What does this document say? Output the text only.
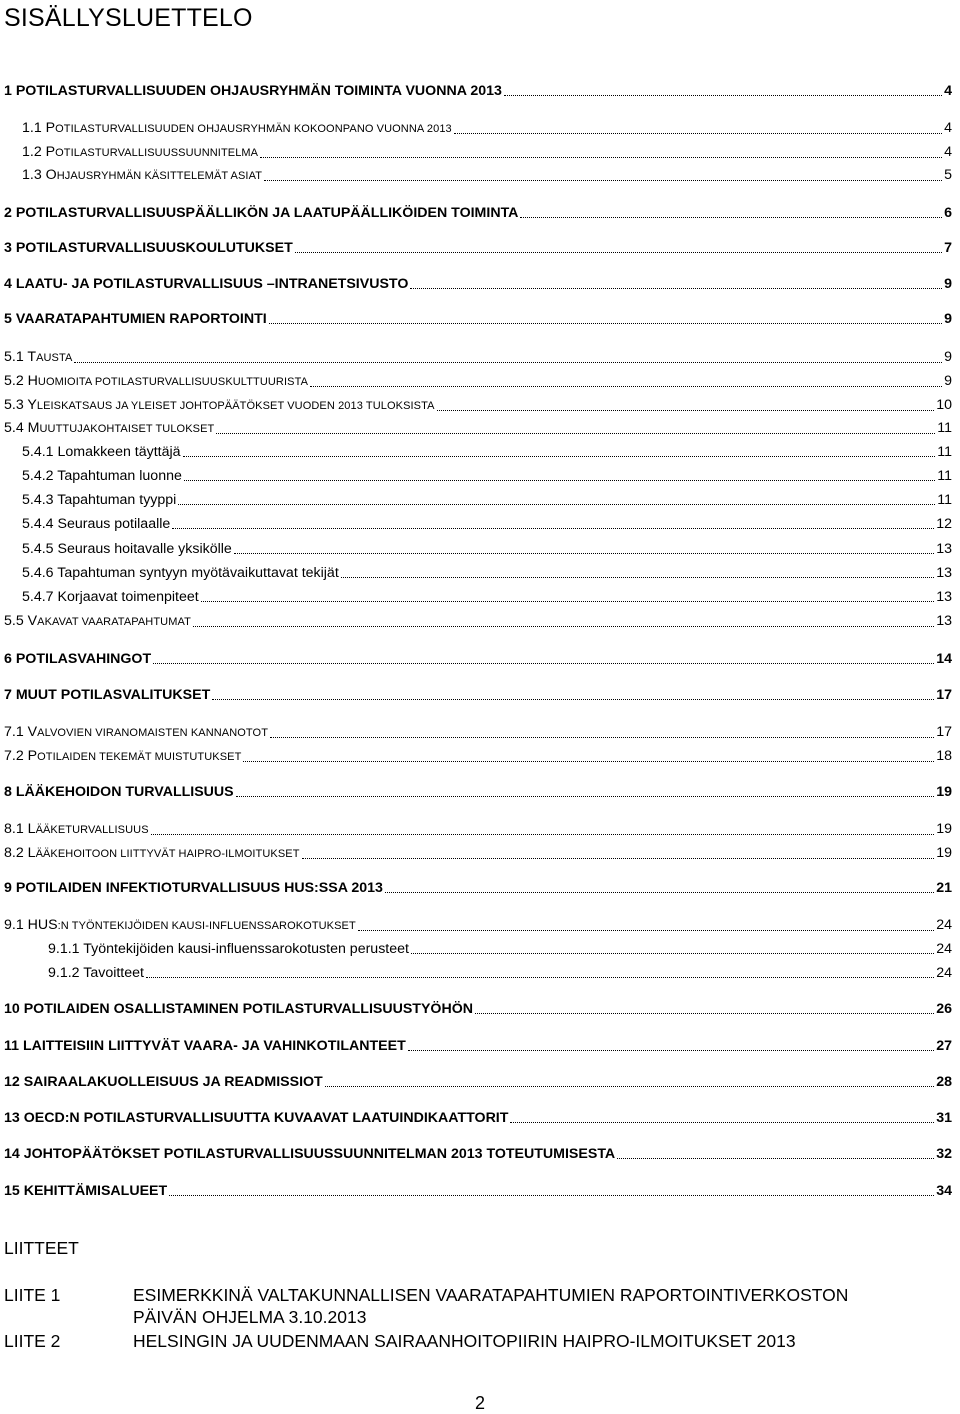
SISÄLLYSLUETTELO
1 POTILASTURVALLISUUDEN OHJAUSRYHMÄN TOIMINTA VUONNA 2013	4
1.1 POTILASTURVALLISUUDEN OHJAUSRYHMÄN KOKOONPANO VUONNA 2013	4
1.2 POTILASTURVALLISUUSSUUNNITELMA	4
1.3 OHJAUSRYHMÄN KÄSITTELEMÄT ASIAT	5
2 POTILASTURVALLISUUSPÄÄLLIKÖN JA LAATUPÄÄLLIKÖIDEN TOIMINTA	6
3 POTILASTURVALLISUUSKOULUTUKSET	7
4 LAATU- JA POTILASTURVALLISUUS –INTRANETSIVUSTO	9
5 VAARATAPAHTUMIEN RAPORTOINTI	9
5.1 TAUSTA	9
5.2 HUOMIOITA POTILASTURVALLISUUSKULTTUURISTA	9
5.3 YLEISKATSAUS JA YLEISET JOHTOPÄÄTÖKSET VUODEN 2013 TULOKSISTA	10
5.4 MUUTTUJAKOHTAISET TULOKSET	11
5.4.1 Lomakkeen täyttäjä	11
5.4.2 Tapahtuman luonne	11
5.4.3 Tapahtuman tyyppi	11
5.4.4 Seuraus potilaalle	12
5.4.5 Seuraus hoitavalle yksikölle	13
5.4.6 Tapahtuman syntyyn myötävaikuttavat tekijät	13
5.4.7 Korjaavat toimenpiteet	13
5.5 VAKAVAT VAARATAPAHTUMAT	13
6 POTILASVAHINGOT	14
7 MUUT POTILASVALITUKSET	17
7.1 VALVOVIEN VIRANOMAISTEN KANNANOTOT	17
7.2 POTILAIDEN TEKEMÄT MUISTUTUKSET	18
8 LÄÄKEHOIDON TURVALLISUUS	19
8.1 LÄÄKETURVALLISUUS	19
8.2 LÄÄKEHOITOON LIITTYVÄT HAIPRO-ILMOITUKSET	19
9 POTILAIDEN INFEKTIOTURVALLISUUS HUS:SSA 2013	21
9.1 HUS:N TYÖNTEKIJÖIDEN KAUSI-INFLUENSSAROKOTUKSET	24
9.1.1 Työntekijöiden kausi-influenssarokotusten perusteet	24
9.1.2 Tavoitteet	24
10 POTILAIDEN OSALLISTAMINEN POTILASTURVALLISUUSTYÖHÖN	26
11 LAITTEISIIN LIITTYVÄT VAARA- JA VAHINKOTILANTEET	27
12 SAIRAALAKUOLLEISUUS JA READMISSIOT	28
13 OECD:N POTILASTURVALLISUUTTA KUVAAVAT LAATUINDIKAATTORIT	31
14 JOHTOPÄÄTÖKSET POTILASTURVALLISUUSSUUNNITELMAN 2013 TOTEUTUMISESTA	32
15 KEHITTÄMISALUEET	34
LIITTEET
LIITE 1	ESIMERKKINÄ VALTAKUNNALLISEN VAARATAPAHTUMIEN RAPORTOINTIVERKOSTON
PÄIVÄN OHJELMA 3.10.2013
LIITE 2	HELSINGIN JA UUDENMAAN SAIRAANHOITOPIIRIN HAIPRO-ILMOITUKSET 2013
2
